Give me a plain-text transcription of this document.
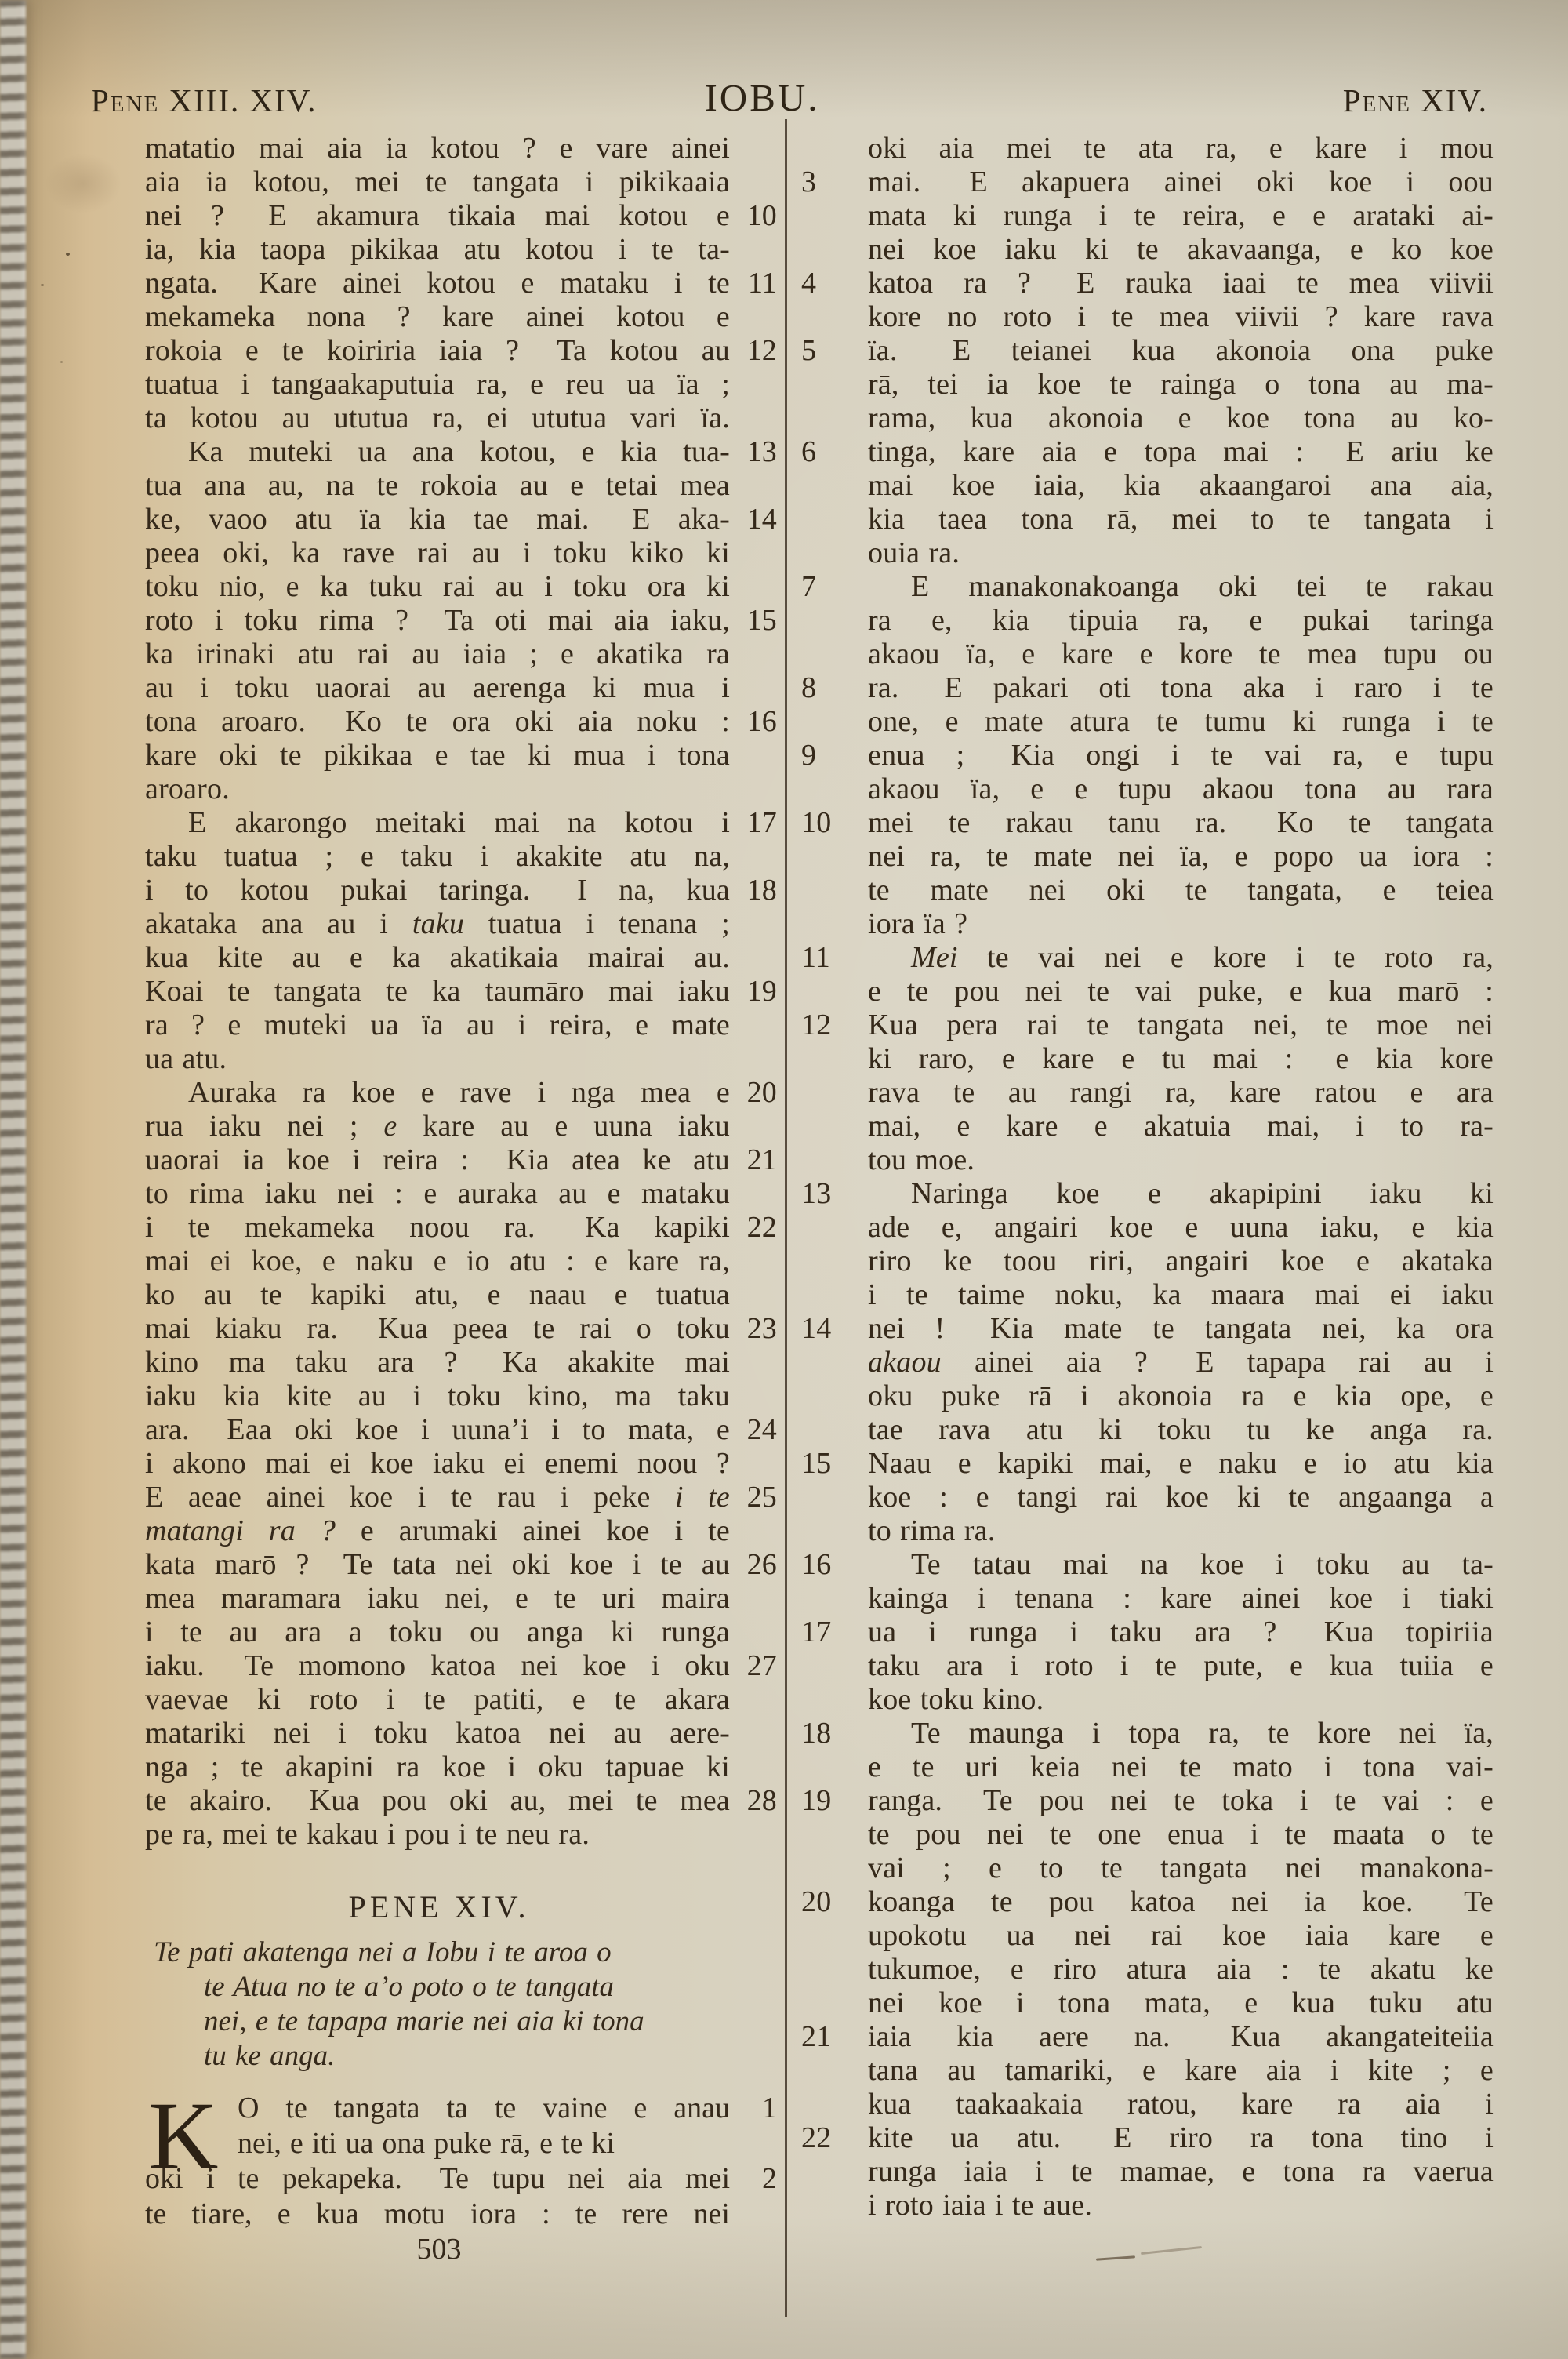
Pene XIII. XIV.	IOBU.	Pene XIV.
matatio mai aia ia kotou ? e vare ainei
aia ia kotou, mei te tangata i pikikaaia
nei ?  E akamura tikaia mai kotou e 10
ia, kia taopa pikikaa atu kotou i te ta-
ngata.  Kare ainei kotou e mataku i te 11
mekameka nona ? kare ainei kotou e
rokoia e te koiriria iaia ?  Ta kotou au 12
tuatua i tangaakaputuia ra, e reu ua ïa ;
ta kotou au ututua ra, ei ututua vari ïa.
Ka muteki ua ana kotou, e kia tua- 13
tua ana au, na te rokoia au e tetai mea
ke, vaoo atu ïa kia tae mai.  E aka- 14
peea oki, ka rave rai au i toku kiko ki
toku nio, e ka tuku rai au i toku ora ki
roto i toku rima ?  Ta oti mai aia iaku, 15
ka irinaki atu rai au iaia ; e akatika ra
au i toku uaorai au aerenga ki mua i
tona aroaro.  Ko te ora oki aia noku : 16
kare oki te pikikaa e tae ki mua i tona
aroaro.
E akarongo meitaki mai na kotou i 17
taku tuatua ; e taku i akakite atu na,
i to kotou pukai taringa.  I na, kua 18
akataka ana au i taku tuatua i tenana ;
kua kite au e ka akatikaia mairai au.
Koai te tangata te ka taumāro mai iaku 19
ra ? e muteki ua ïa au i reira, e mate
ua atu.
Auraka ra koe e rave i nga mea e 20
rua iaku nei ; e kare au e uuna iaku
uaorai ia koe i reira :  Kia atea ke atu 21
to rima iaku nei : e auraka au e mataku
i te mekameka noou ra.  Ka kapiki 22
mai ei koe, e naku e io atu : e kare ra,
ko au te kapiki atu, e naau e tuatua
mai kiaku ra.  Kua peea te rai o toku 23
kino ma taku ara ?  Ka akakite mai
iaku kia kite au i toku kino, ma taku
ara.  Eaa oki koe i uuna’i i to mata, e 24
i akono mai ei koe iaku ei enemi noou ?
E aeae ainei koe i te rau i peke i te 25
matangi ra ? e arumaki ainei koe i te
kata marō ?  Te tata nei oki koe i te au 26
mea maramara iaku nei, e te uri maira
i te au ara a toku ou anga ki runga
iaku.  Te momono katoa nei koe i oku 27
vaevae ki roto i te patiti, e te akara
matariki nei i toku katoa nei au aere-
nga ; te akapini ra koe i oku tapuae ki
te akairo.  Kua pou oki au, mei te mea 28
pe ra, mei te kakau i pou i te neu ra.
oki aia mei te ata ra, e kare i mou
3	mai.  E akapuera ainei oki koe i oou
mata ki runga i te reira, e e arataki ai-
nei koe iaku ki te akavaanga, e ko koe
4	katoa ra ?  E rauka iaai te mea viivii
kore no roto i te mea viivii ? kare rava
5	ïa.  E teianei kua akonoia ona puke
rā, tei ia koe te rainga o tona au ma-
rama, kua akonoia e koe tona au ko-
6	tinga, kare aia e topa mai :  E ariu ke
mai koe iaia, kia akaangaroi ana aia,
kia taea tona rā, mei to te tangata i
ouia ra.
7	E manakonakoanga oki tei te rakau
ra e, kia tipuia ra, e pukai taringa
akaou ïa, e kare e kore te mea tupu ou
8	ra.  E pakari oti tona aka i raro i te
one, e mate atura te tumu ki runga i te
9	enua ;  Kia ongi i te vai ra, e tupu
akaou ïa, e e tupu akaou tona au rara
10	mei te rakau tanu ra.  Ko te tangata
nei ra, te mate nei ïa, e popo ua iora :
te mate nei oki te tangata, e teiea
iora ïa ?
11	Mei te vai nei e kore i te roto ra,
e te pou nei te vai puke, e kua marō :
12	Kua pera rai te tangata nei, te moe nei
ki raro, e kare e tu mai :  e kia kore
rava te au rangi ra, kare ratou e ara
mai, e kare e akatuia mai, i to ra-
tou moe.
13	Naringa koe e akapipini iaku ki
ade e, angairi koe e uuna iaku, e kia
riro ke toou riri, angairi koe e akataka
i te taime noku, ka maara mai ei iaku
14	nei !  Kia mate te tangata nei, ka ora
akaou ainei aia ?  E tapapa rai au i
oku puke rā i akonoia ra e kia ope, e
tae rava atu ki toku tu ke anga ra.
15	Naau e kapiki mai, e naku e io atu kia
koe : e tangi rai koe ki te angaanga a
to rima ra.
16	Te tatau mai na koe i toku au ta-
kainga i tenana : kare ainei koe i tiaki
17	ua i runga i taku ara ?  Kua topiriia
taku ara i roto i te pute, e kua tuiia e
koe toku kino.
18	Te maunga i topa ra, te kore nei ïa,
e te uri keia nei te mato i tona vai-
19	ranga.  Te pou nei te toka i te vai : e
te pou nei te one enua i te maata o te
vai ; e to te tangata nei manakona-
20	koanga te pou katoa nei ia koe.  Te
upokotu ua nei rai koe iaia kare e
tukumoe, e riro atura aia : te akatu ke
nei koe i tona mata, e kua tuku atu
21	iaia kia aere na.  Kua akangateiteiia
tana au tamariki, e kare aia i kite ; e
kua taakaakaia ratou, kare ra aia i
22	kite ua atu.  E riro ra tona tino i
runga iaia i te mamae, e tona ra vaerua
i roto iaia i te aue.
PENE XIV.
Te pati akatenga nei a Iobu i te aroa o
te Atua no te a’o poto o te tangata
nei, e te tapapa marie nei aia ki tona
tu ke anga.
K O te tangata ta te vaine e anau	1
nei, e iti ua ona puke rā, e te ki
oki i te pekapeka.  Te tupu nei aia mei	2
te tiare, e kua motu iora : te rere nei
503
